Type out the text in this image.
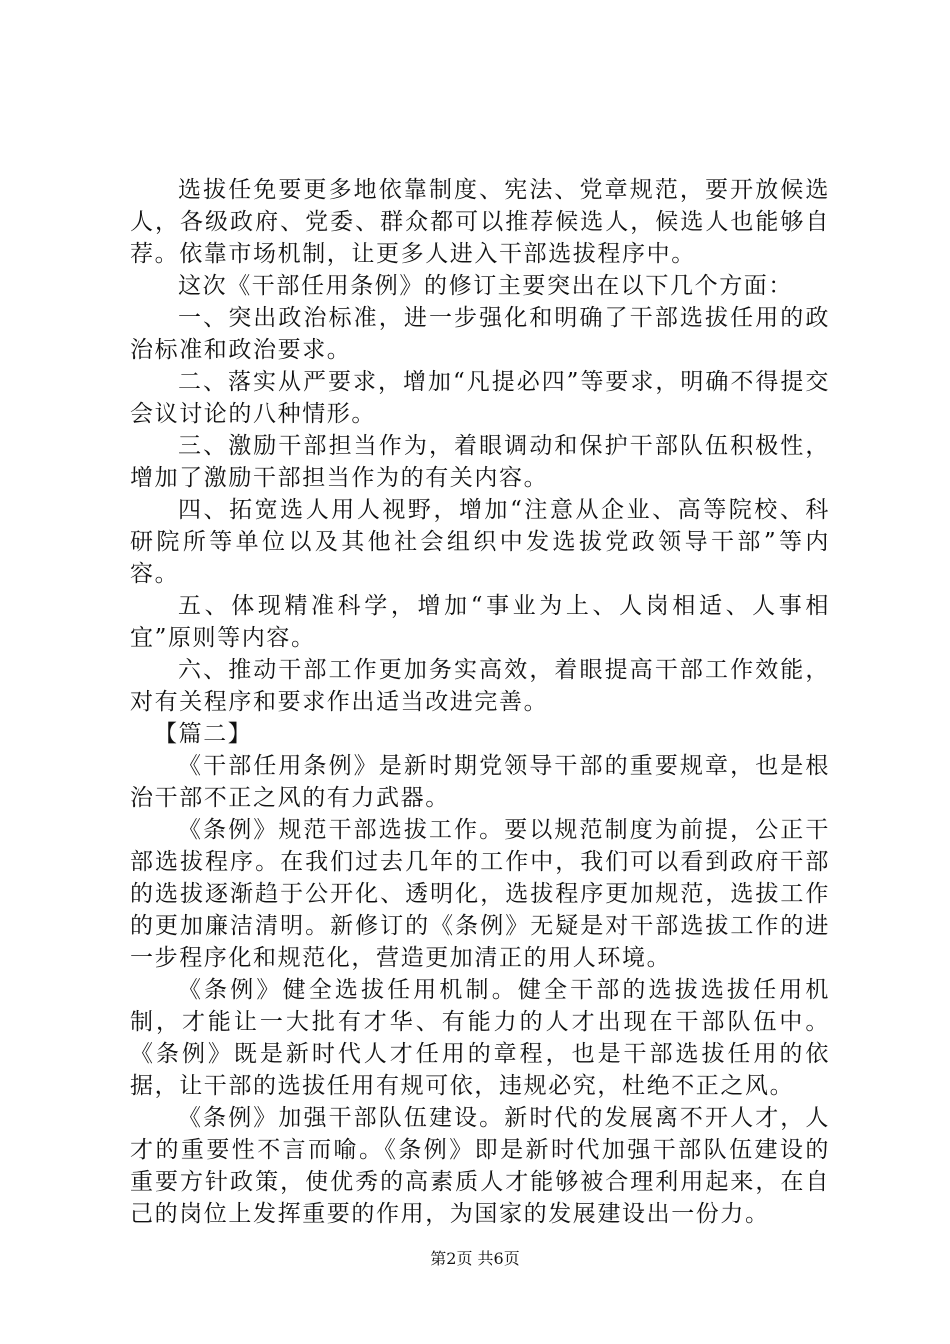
选拔任免要更多地依靠制度、宪法、党章规范，要开放候选人，各级政府、党委、群众都可以推荐候选人，候选人也能够自荐。依靠市场机制，让更多人进入干部选拔程序中。

这次《干部任用条例》的修订主要突出在以下几个方面：

一、突出政治标准，进一步强化和明确了干部选拔任用的政治标准和政治要求。

二、落实从严要求，增加“凡提必四”等要求，明确不得提交会议讨论的八种情形。

三、激励干部担当作为，着眼调动和保护干部队伍积极性，增加了激励干部担当作为的有关内容。

四、拓宽选人用人视野，增加“注意从企业、高等院校、科研院所等单位以及其他社会组织中发选拔党政领导干部”等内容。

五、体现精准科学，增加“事业为上、人岗相适、人事相宜”原则等内容。

六、推动干部工作更加务实高效，着眼提高干部工作效能，对有关程序和要求作出适当改进完善。

【篇二】

《干部任用条例》是新时期党领导干部的重要规章，也是根治干部不正之风的有力武器。

《条例》规范干部选拔工作。要以规范制度为前提，公正干部选拔程序。在我们过去几年的工作中，我们可以看到政府干部的选拔逐渐趋于公开化、透明化，选拔程序更加规范，选拔工作的更加廉洁清明。新修订的《条例》无疑是对干部选拔工作的进一步程序化和规范化，营造更加清正的用人环境。

《条例》健全选拔任用机制。健全干部的选拔选拔任用机制，才能让一大批有才华、有能力的人才出现在干部队伍中。《条例》既是新时代人才任用的章程，也是干部选拔任用的依据，让干部的选拔任用有规可依，违规必究，杜绝不正之风。

《条例》加强干部队伍建设。新时代的发展离不开人才，人才的重要性不言而喻。《条例》即是新时代加强干部队伍建设的重要方针政策，使优秀的高素质人才能够被合理利用起来，在自己的岗位上发挥重要的作用，为国家的发展建设出一份力。

第2页 共6页
